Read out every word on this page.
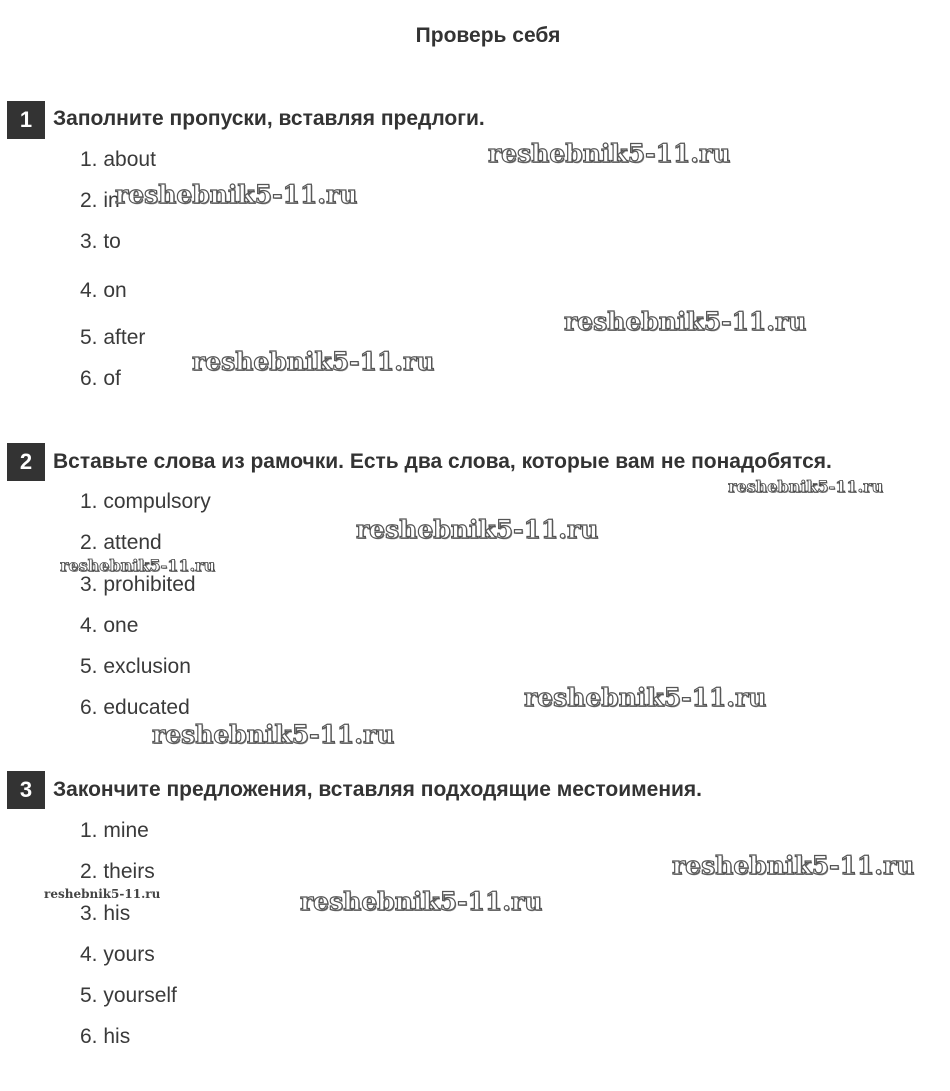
Проверь себя
1 Заполните пропуски, вставляя предлоги.
1. about
2. in
3. to
4. on
5. after
6. of
2 Вставьте слова из рамочки. Есть два слова, которые вам не понадобятся.
1. compulsory
2. attend
3. prohibited
4. one
5. exclusion
6. educated
3 Закончите предложения, вставляя подходящие местоимения.
1. mine
2. theirs
3. his
4. yours
5. yourself
6. his
reshebnik5-11.ru
reshebnik5-11.ru
reshebnik5-11.ru
reshebnik5-11.ru
reshebnik5-11.ru
reshebnik5-11.ru
reshebnik5-11.ru
reshebnik5-11.ru
reshebnik5-11.ru
reshebnik5-11.ru
reshebnik5-11.ru	reshebnik5-11.ru
